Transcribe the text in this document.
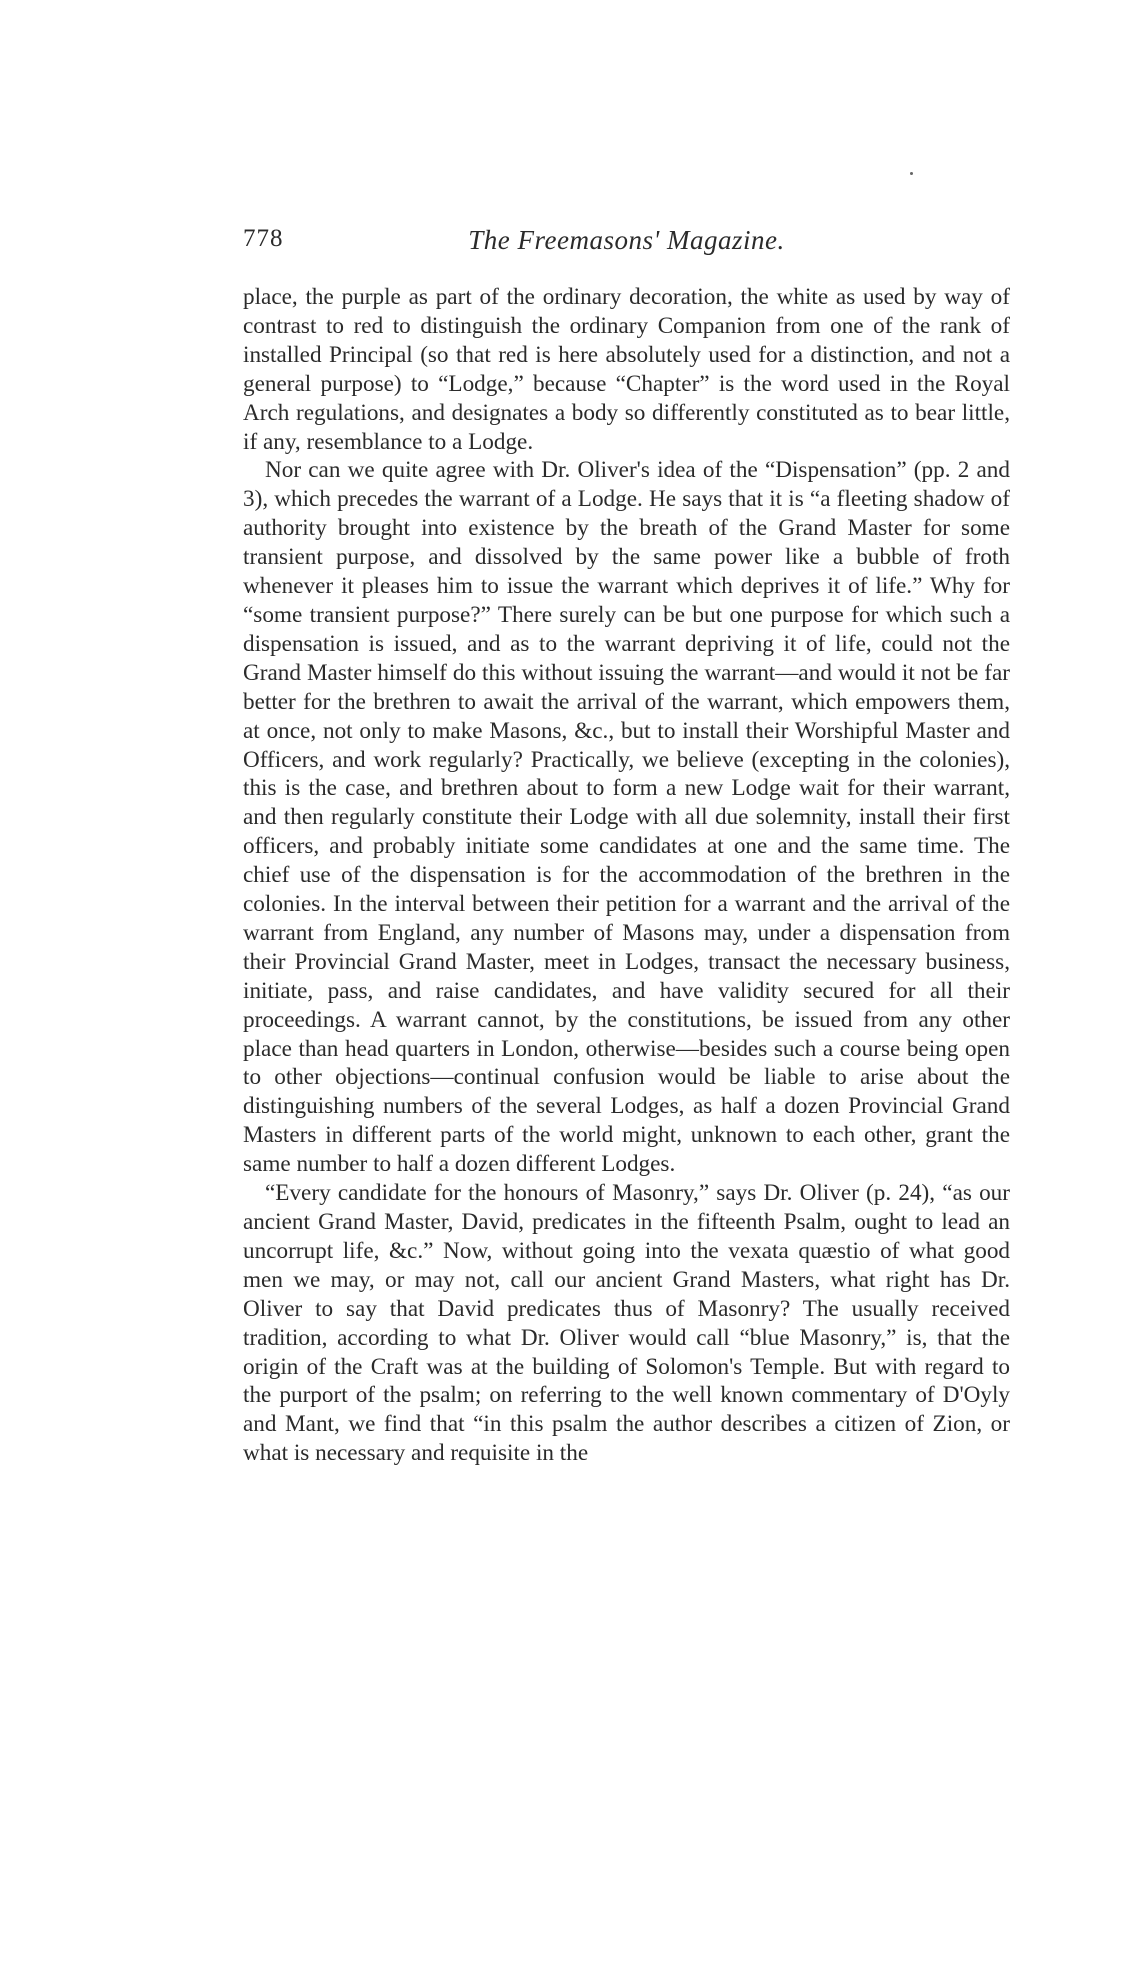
778	The Freemasons' Magazine.

place, the purple as part of the ordinary decoration, the white as used by way of contrast to red to distinguish the ordinary Companion from one of the rank of installed Principal (so that red is here absolutely used for a distinction, and not a general purpose) to “Lodge,” because “Chapter” is the word used in the Royal Arch regulations, and designates a body so differently constituted as to bear little, if any, resemblance to a Lodge.

Nor can we quite agree with Dr. Oliver's idea of the “Dispensation” (pp. 2 and 3), which precedes the warrant of a Lodge. He says that it is “a fleeting shadow of authority brought into existence by the breath of the Grand Master for some transient purpose, and dissolved by the same power like a bubble of froth whenever it pleases him to issue the warrant which deprives it of life.” Why for “some transient purpose?” There surely can be but one purpose for which such a dispensation is issued, and as to the warrant depriving it of life, could not the Grand Master himself do this without issuing the warrant—and would it not be far better for the brethren to await the arrival of the warrant, which empowers them, at once, not only to make Masons, &c., but to install their Worshipful Master and Officers, and work regularly? Practically, we believe (excepting in the colonies), this is the case, and brethren about to form a new Lodge wait for their warrant, and then regularly constitute their Lodge with all due solemnity, install their first officers, and probably initiate some candidates at one and the same time. The chief use of the dispensation is for the accommodation of the brethren in the colonies. In the interval between their petition for a warrant and the arrival of the warrant from England, any number of Masons may, under a dispensation from their Provincial Grand Master, meet in Lodges, transact the necessary business, initiate, pass, and raise candidates, and have validity secured for all their proceedings. A warrant cannot, by the constitutions, be issued from any other place than head quarters in London, otherwise—besides such a course being open to other objections—continual confusion would be liable to arise about the distinguishing numbers of the several Lodges, as half a dozen Provincial Grand Masters in different parts of the world might, unknown to each other, grant the same number to half a dozen different Lodges.

“Every candidate for the honours of Masonry,” says Dr. Oliver (p. 24), “as our ancient Grand Master, David, predicates in the fifteenth Psalm, ought to lead an uncorrupt life, &c.” Now, without going into the vexata quæstio of what good men we may, or may not, call our ancient Grand Masters, what right has Dr. Oliver to say that David predicates thus of Masonry? The usually received tradition, according to what Dr. Oliver would call “blue Masonry,” is, that the origin of the Craft was at the building of Solomon's Temple. But with regard to the purport of the psalm; on referring to the well known commentary of D'Oyly and Mant, we find that “in this psalm the author describes a citizen of Zion, or what is necessary and requisite in the
